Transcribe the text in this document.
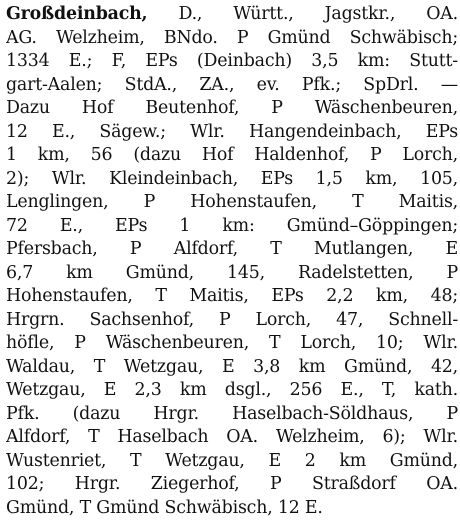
Großdeinbach, D., Württ., Jagstkr., OA.
AG. Welzheim, BNdo. P Gmünd Schwäbisch;
1334 E.; F, EPs (Deinbach) 3,5 km: Stutt-
gart-Aalen; StdA., ZA., ev. Pfk.; SpDrl. —
Dazu Hof Beutenhof, P Wäschenbeuren,
12 E., Sägew.; Wlr. Hangendeinbach, EPs
1 km, 56 (dazu Hof Haldenhof, P Lorch,
2); Wlr. Kleindeinbach, EPs 1,5 km, 105,
Lenglingen, P Hohenstaufen, T Maitis,
72 E., EPs 1 km: Gmünd–Göppingen;
Pfersbach, P Alfdorf, T Mutlangen, E
6,7 km Gmünd, 145, Radelstetten, P
Hohenstaufen, T Maitis, EPs 2,2 km, 48;
Hrgrn. Sachsenhof, P Lorch, 47, Schnell-
höfle, P Wäschenbeuren, T Lorch, 10; Wlr.
Waldau, T Wetzgau, E 3,8 km Gmünd, 42,
Wetzgau, E 2,3 km dsgl., 256 E., T, kath.
Pfk. (dazu Hrgr. Haselbach-Söldhaus, P
Alfdorf, T Haselbach OA. Welzheim, 6); Wlr.
Wustenriet, T Wetzgau, E 2 km Gmünd,
102; Hrgr. Ziegerhof, P Straßdorf OA.
Gmünd, T Gmünd Schwäbisch, 12 E.
